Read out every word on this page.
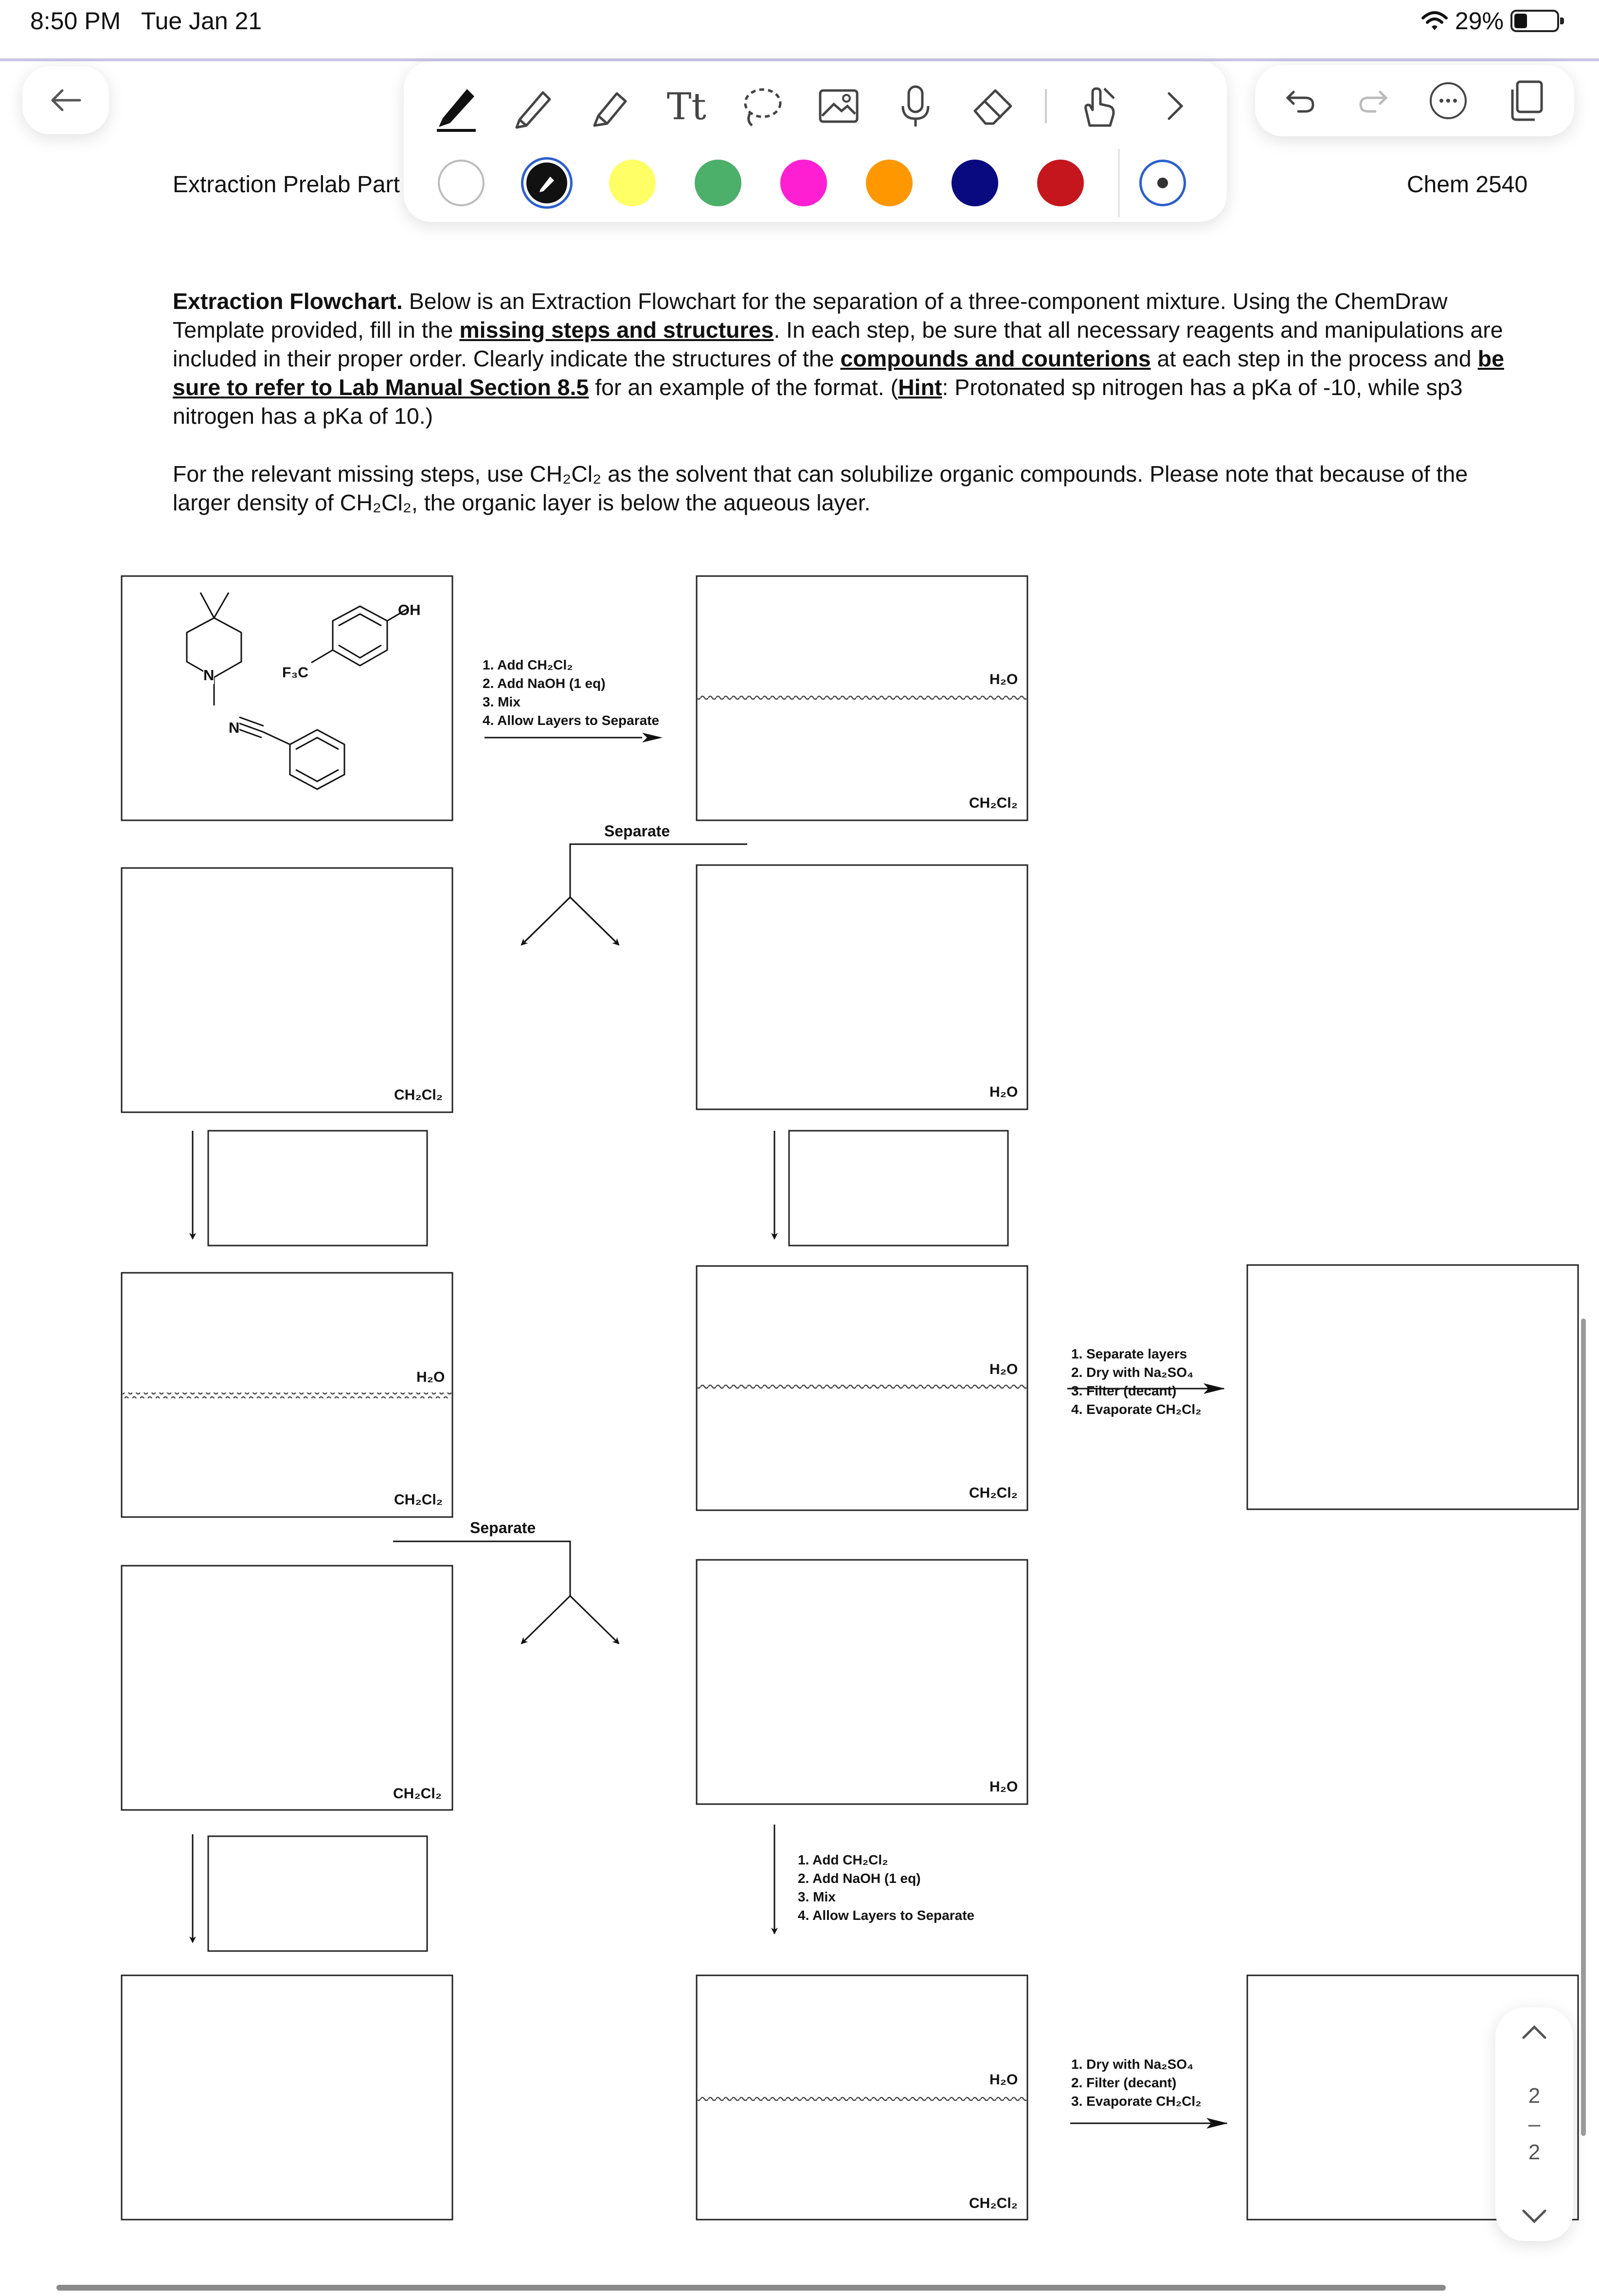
8:50 PM Tue Jan 21	29%
Tt
Extraction Prelab Part	Chem 2540

Extraction Flowchart. Below is an Extraction Flowchart for the separation of a three-component mixture. Using the ChemDraw Template provided, fill in the missing steps and structures. In each step, be sure that all necessary reagents and manipulations are included in their proper order. Clearly indicate the structures of the compounds and counterions at each step in the process and be sure to refer to Lab Manual Section 8.5 for an example of the format. (Hint: Protonated sp nitrogen has a pKa of -10, while sp3 nitrogen has a pKa of 10.)

For the relevant missing steps, use CH₂Cl₂ as the solvent that can solubilize organic compounds. Please note that because of the larger density of CH₂Cl₂, the organic layer is below the aqueous layer.

OH
N	F₃C
N
1. Add CH₂Cl₂
2. Add NaOH (1 eq)
3. Mix
4. Allow Layers to Separate
H₂O
CH₂Cl₂
Separate
CH₂Cl₂	H₂O
H₂O
CH₂Cl₂
H₂O
CH₂Cl₂
1. Separate layers
2. Dry with Na₂SO₄
3. Filter (decant)
4. Evaporate CH₂Cl₂
Separate
CH₂Cl₂	H₂O
1. Add CH₂Cl₂
2. Add NaOH (1 eq)
3. Mix
4. Allow Layers to Separate
H₂O
CH₂Cl₂
1. Dry with Na₂SO₄
2. Filter (decant)
3. Evaporate CH₂Cl₂	2
–
2
